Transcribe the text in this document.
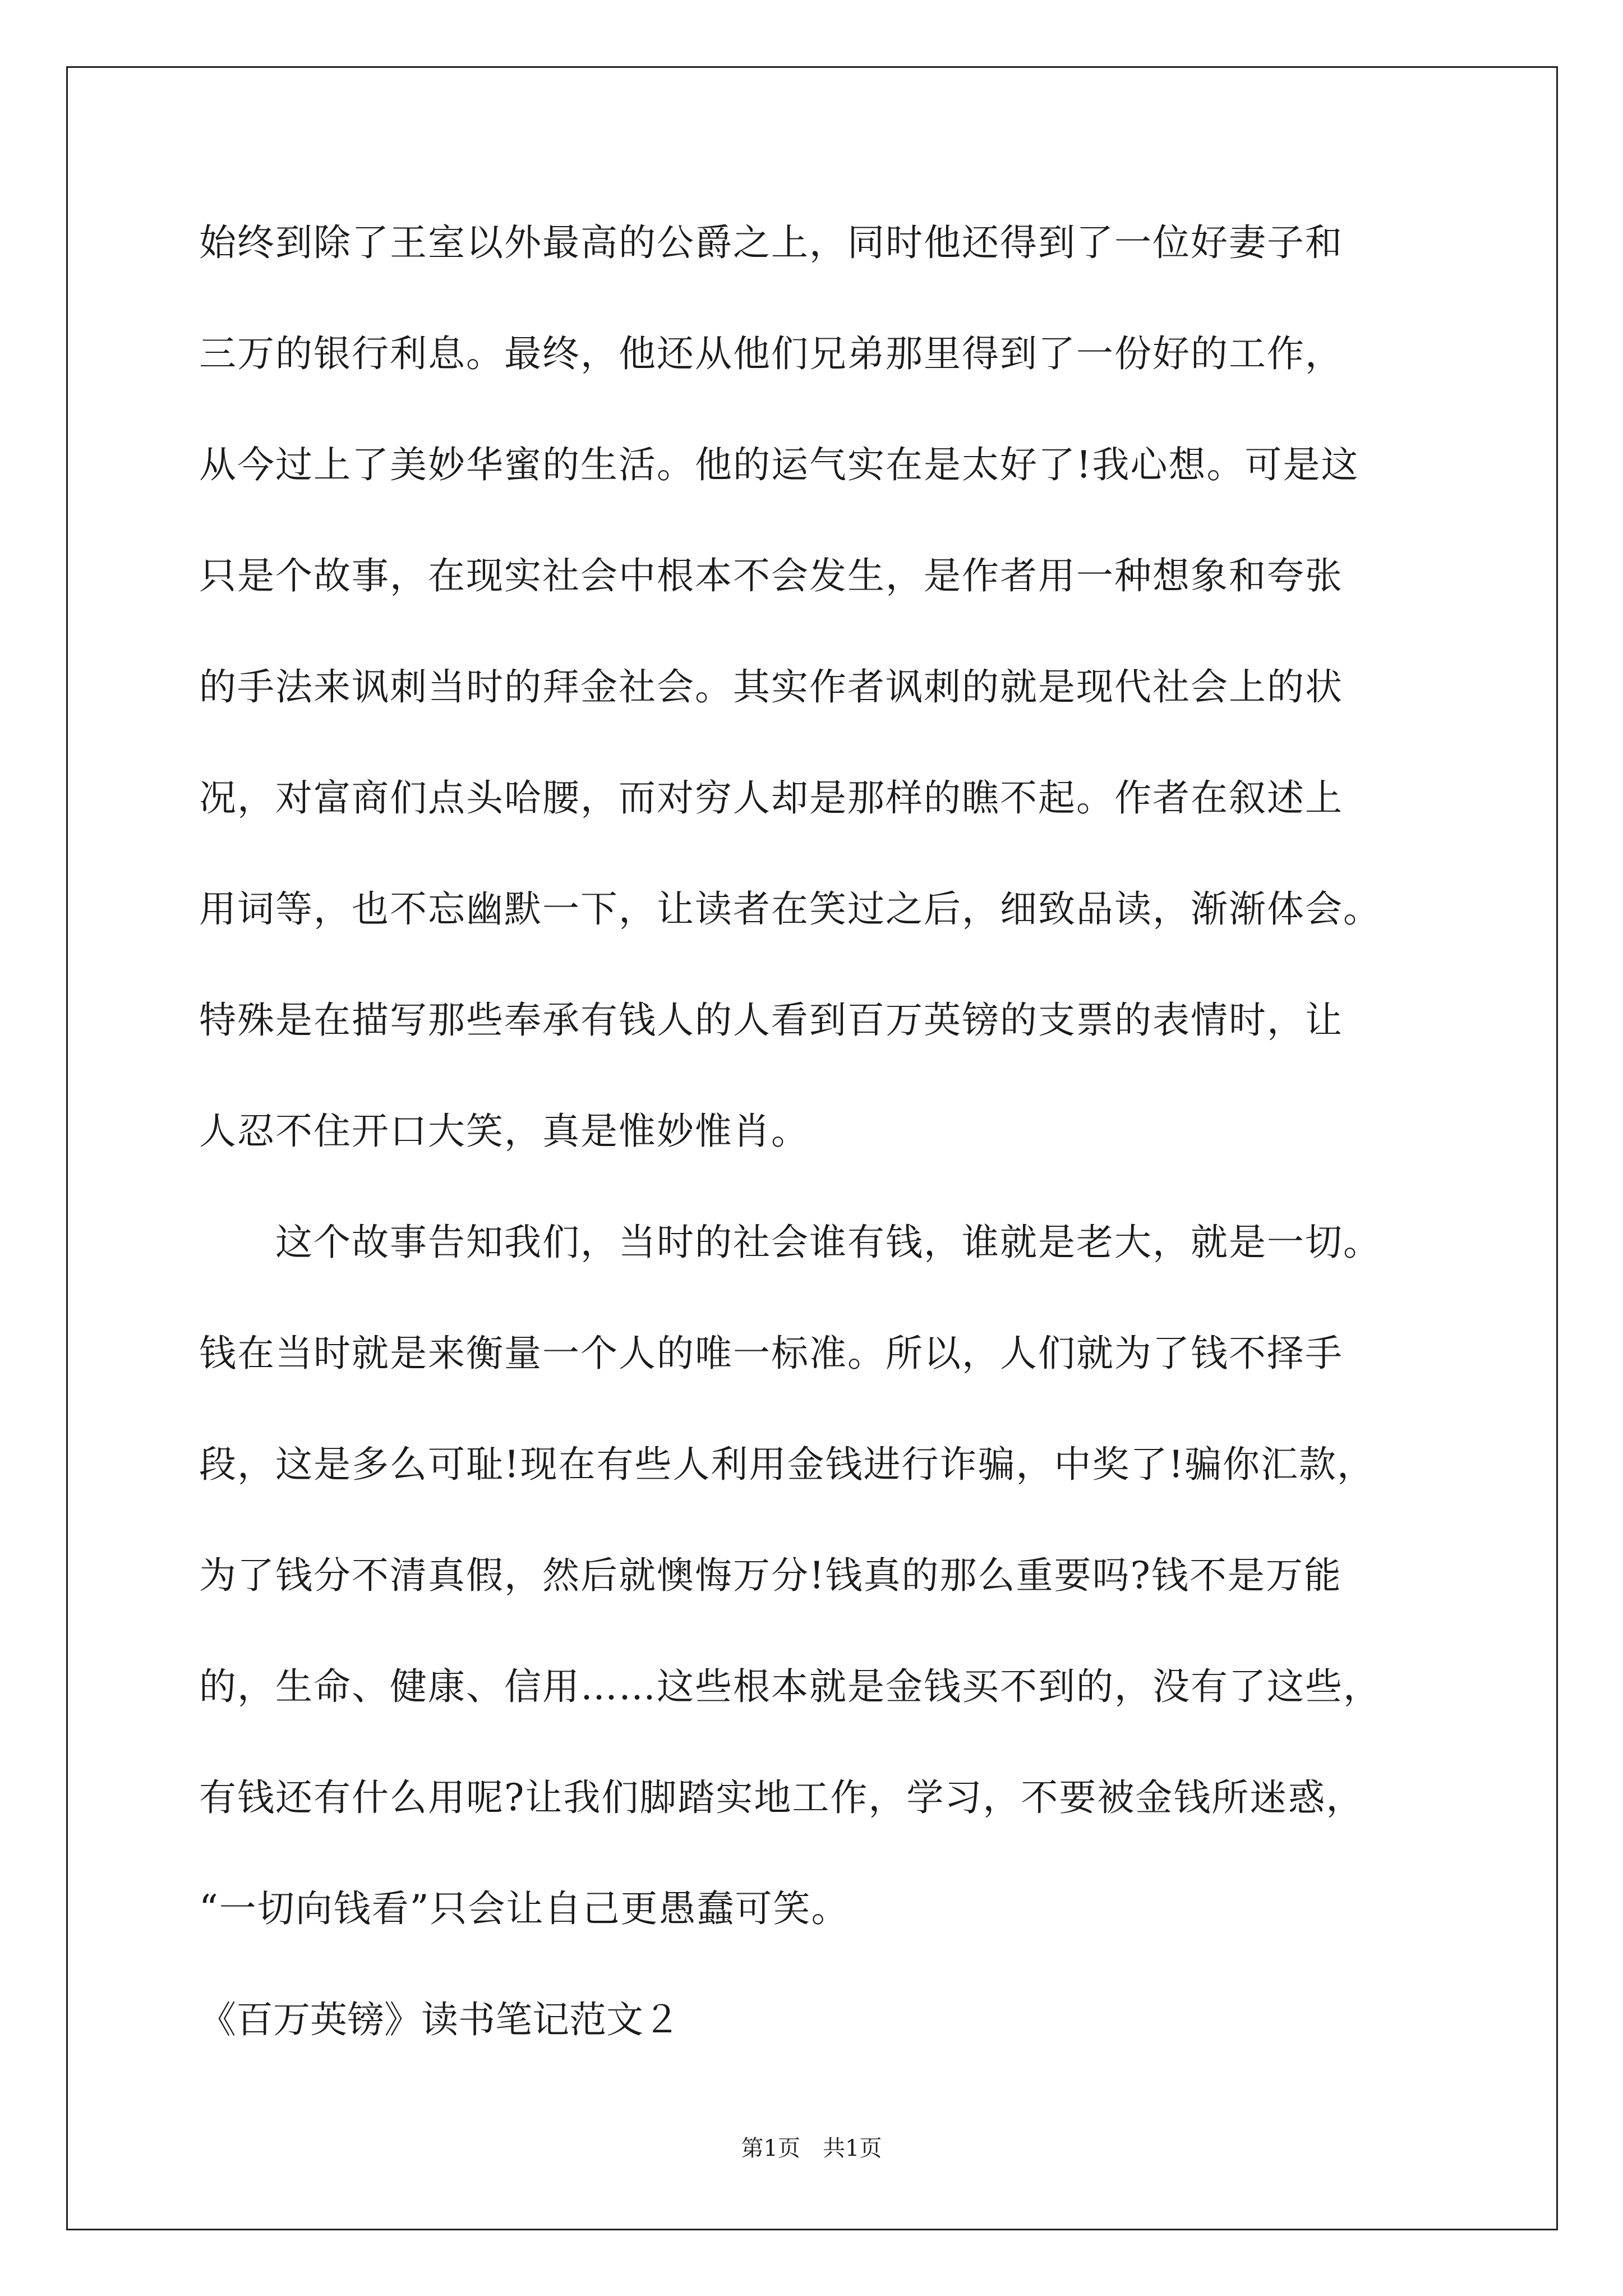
始终到除了王室以外最高的公爵之上，同时他还得到了一位好妻子和
三万的银行利息。最终，他还从他们兄弟那里得到了一份好的工作，
从今过上了美妙华蜜的生活。他的运气实在是太好了!我心想。可是这
只是个故事，在现实社会中根本不会发生，是作者用一种想象和夸张
的手法来讽刺当时的拜金社会。其实作者讽刺的就是现代社会上的状
况，对富商们点头哈腰，而对穷人却是那样的瞧不起。作者在叙述上
用词等，也不忘幽默一下，让读者在笑过之后，细致品读，渐渐体会。
特殊是在描写那些奉承有钱人的人看到百万英镑的支票的表情时，让
人忍不住开口大笑，真是惟妙惟肖。
　　这个故事告知我们，当时的社会谁有钱，谁就是老大，就是一切。
钱在当时就是来衡量一个人的唯一标准。所以，人们就为了钱不择手
段，这是多么可耻!现在有些人利用金钱进行诈骗，中奖了!骗你汇款，
为了钱分不清真假，然后就懊悔万分!钱真的那么重要吗?钱不是万能
的，生命、健康、信用……这些根本就是金钱买不到的，没有了这些，
有钱还有什么用呢?让我们脚踏实地工作，学习，不要被金钱所迷惑，
“一切向钱看”只会让自己更愚蠢可笑。
《百万英镑》读书笔记范文２
第1页　共1页
